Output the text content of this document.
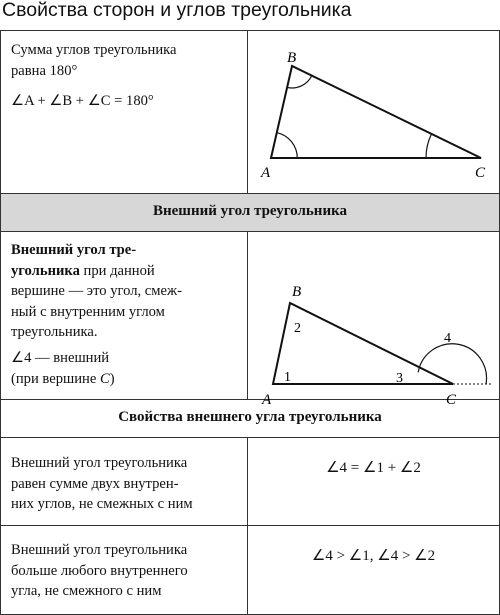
Свойства сторон и углов треугольника
Сумма углов треугольника
равна 180°
∠A + ∠B + ∠C = 180°
B
A	C
Внешний угол треугольника
Внешний угол тре-
угольника при данной
вершине — это угол, смеж-
ный с внутренним углом
треугольника.
∠4 — внешний
(при вершине C)
B
A	C
1
2
3
4
Свойства внешнего угла треугольника
Внешний угол треугольника
равен сумме двух внутрен-
них углов, не смежных с ним
∠4 = ∠1 + ∠2
Внешний угол треугольника
больше любого внутреннего
угла, не смежного с ним
∠4 > ∠1, ∠4 > ∠2
